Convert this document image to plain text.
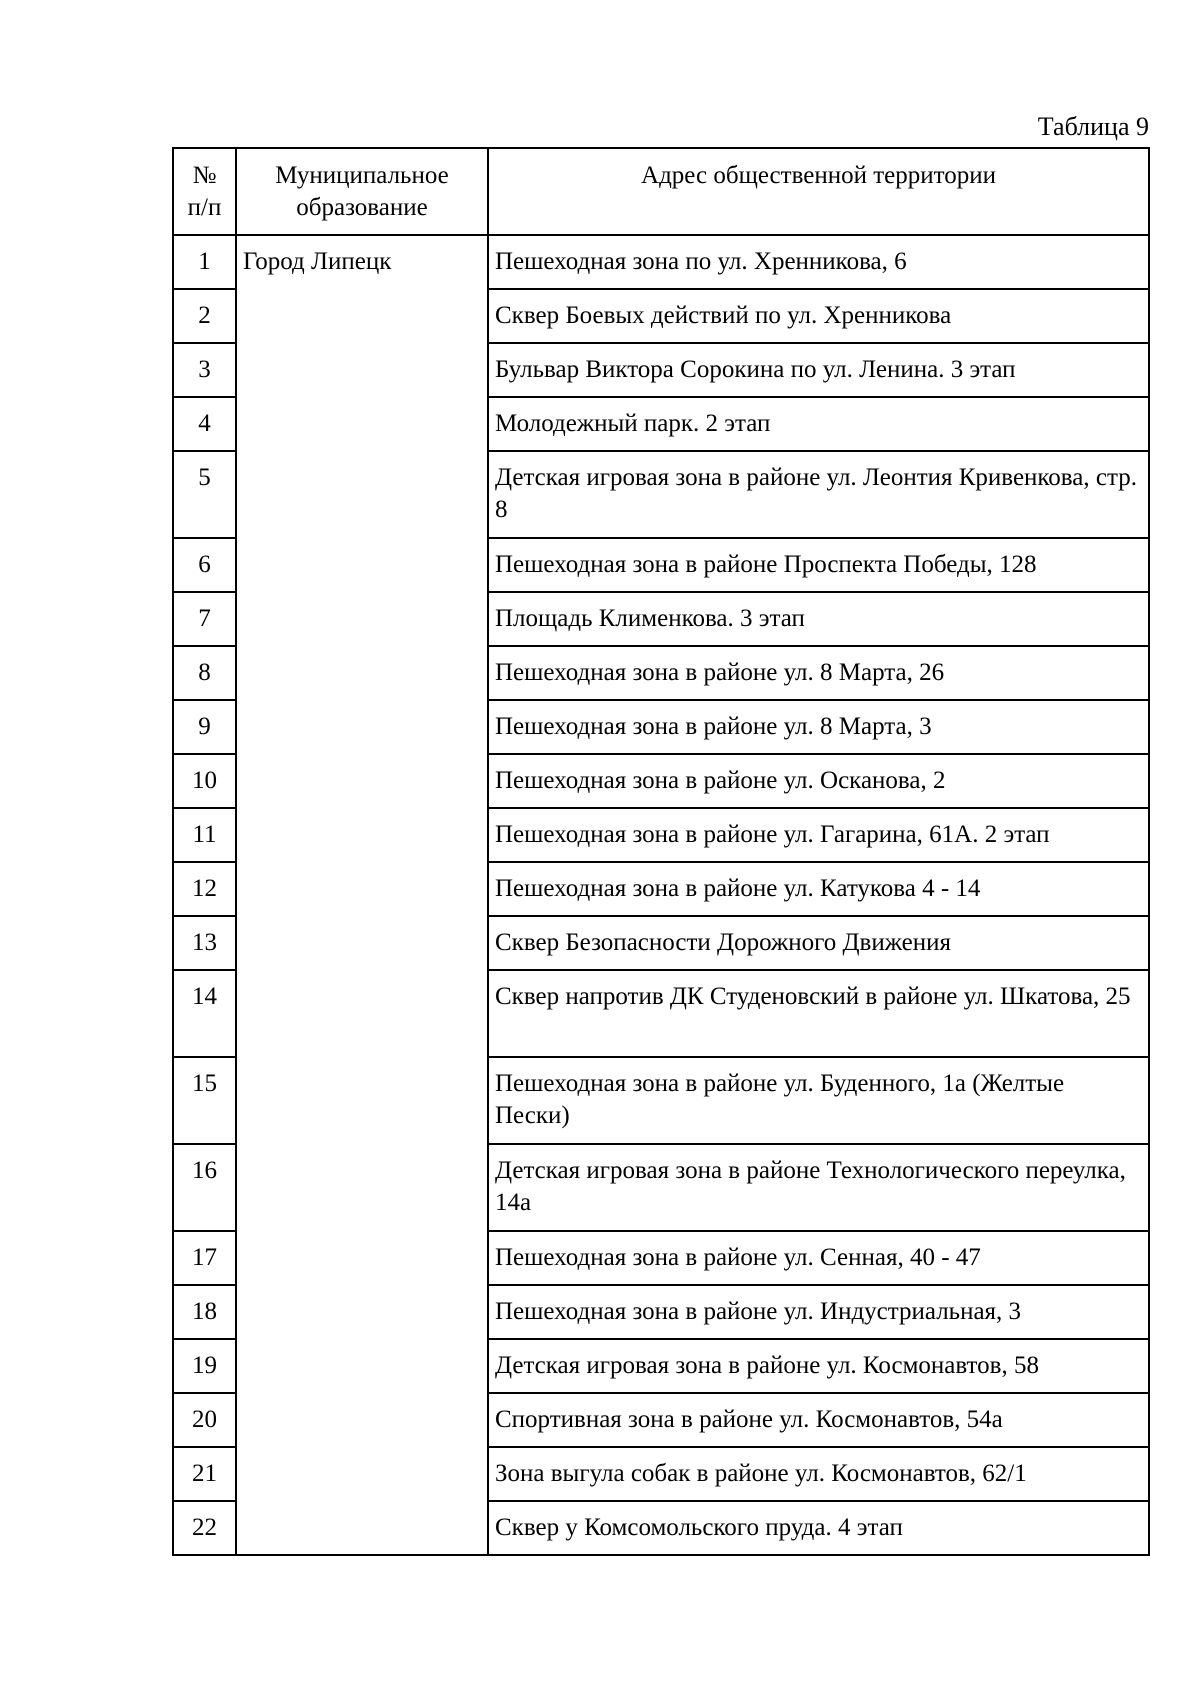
Таблица 9
№ п/п	Муниципальное образование	Адрес общественной территории
1	Город Липецк	Пешеходная зона по ул. Хренникова, 6
2		Сквер Боевых действий по ул. Хренникова
3		Бульвар Виктора Сорокина по ул. Ленина. 3 этап
4		Молодежный парк. 2 этап
5		Детская игровая зона в районе ул. Леонтия Кривенкова, стр. 8
6		Пешеходная зона в районе Проспекта Победы, 128
7		Площадь Клименкова. 3 этап
8		Пешеходная зона в районе ул. 8 Марта, 26
9		Пешеходная зона в районе ул. 8 Марта, 3
10		Пешеходная зона в районе ул. Осканова, 2
11		Пешеходная зона в районе ул. Гагарина, 61А. 2 этап
12		Пешеходная зона в районе ул. Катукова 4 - 14
13		Сквер Безопасности Дорожного Движения
14		Сквер напротив ДК Студеновский в районе ул. Шкатова, 25
15		Пешеходная зона в районе ул. Буденного, 1а (Желтые Пески)
16		Детская игровая зона в районе Технологического переулка, 14а
17		Пешеходная зона в районе ул. Сенная, 40 - 47
18		Пешеходная зона в районе ул. Индустриальная, 3
19		Детская игровая зона в районе ул. Космонавтов, 58
20		Спортивная зона в районе ул. Космонавтов, 54а
21		Зона выгула собак в районе ул. Космонавтов, 62/1
22		Сквер у Комсомольского пруда. 4 этап
